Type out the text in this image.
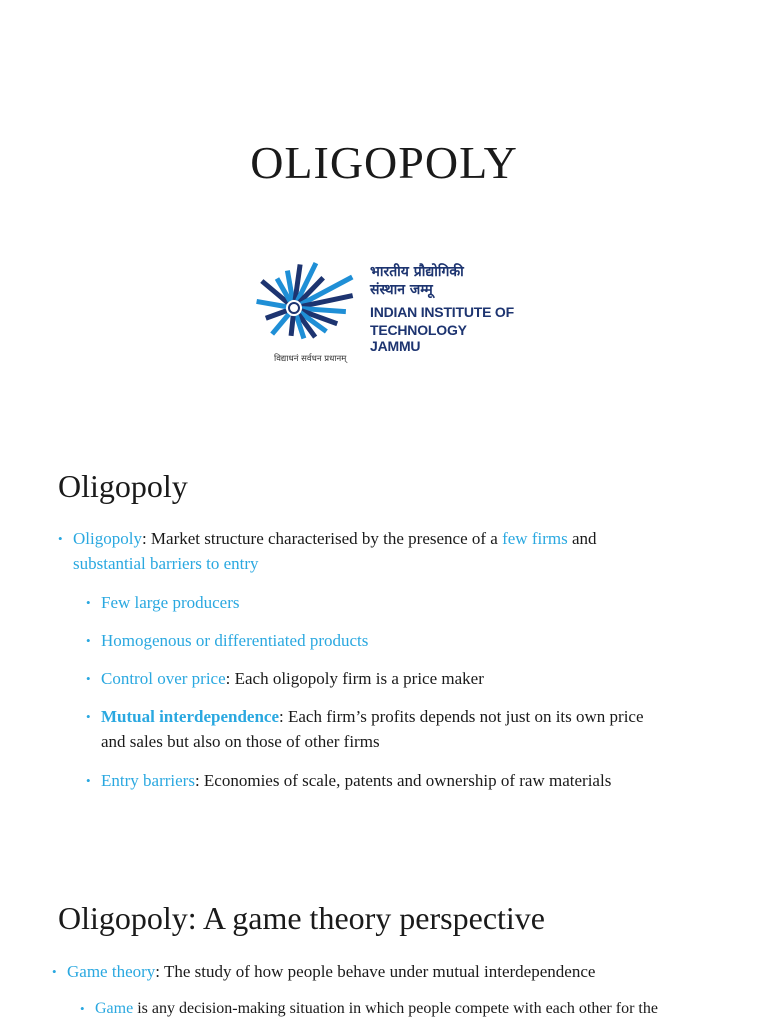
OLIGOPOLY
भारतीय प्रौद्योगिकी
संस्थान जम्मू
INDIAN INSTITUTE OF
TECHNOLOGY JAMMU
विद्याधनं सर्वधन प्रधानम्
Oligopoly
• Oligopoly: Market structure characterised by the presence of a few firms and
substantial barriers to entry
• Few large producers
• Homogenous or differentiated products
• Control over price: Each oligopoly firm is a price maker
• Mutual interdependence: Each firm’s profits depends not just on its own price
and sales but also on those of other firms
• Entry barriers: Economies of scale, patents and ownership of raw materials
Oligopoly: A game theory perspective
• Game theory: The study of how people behave under mutual interdependence
• Game is any decision-making situation in which people compete with each other for the
